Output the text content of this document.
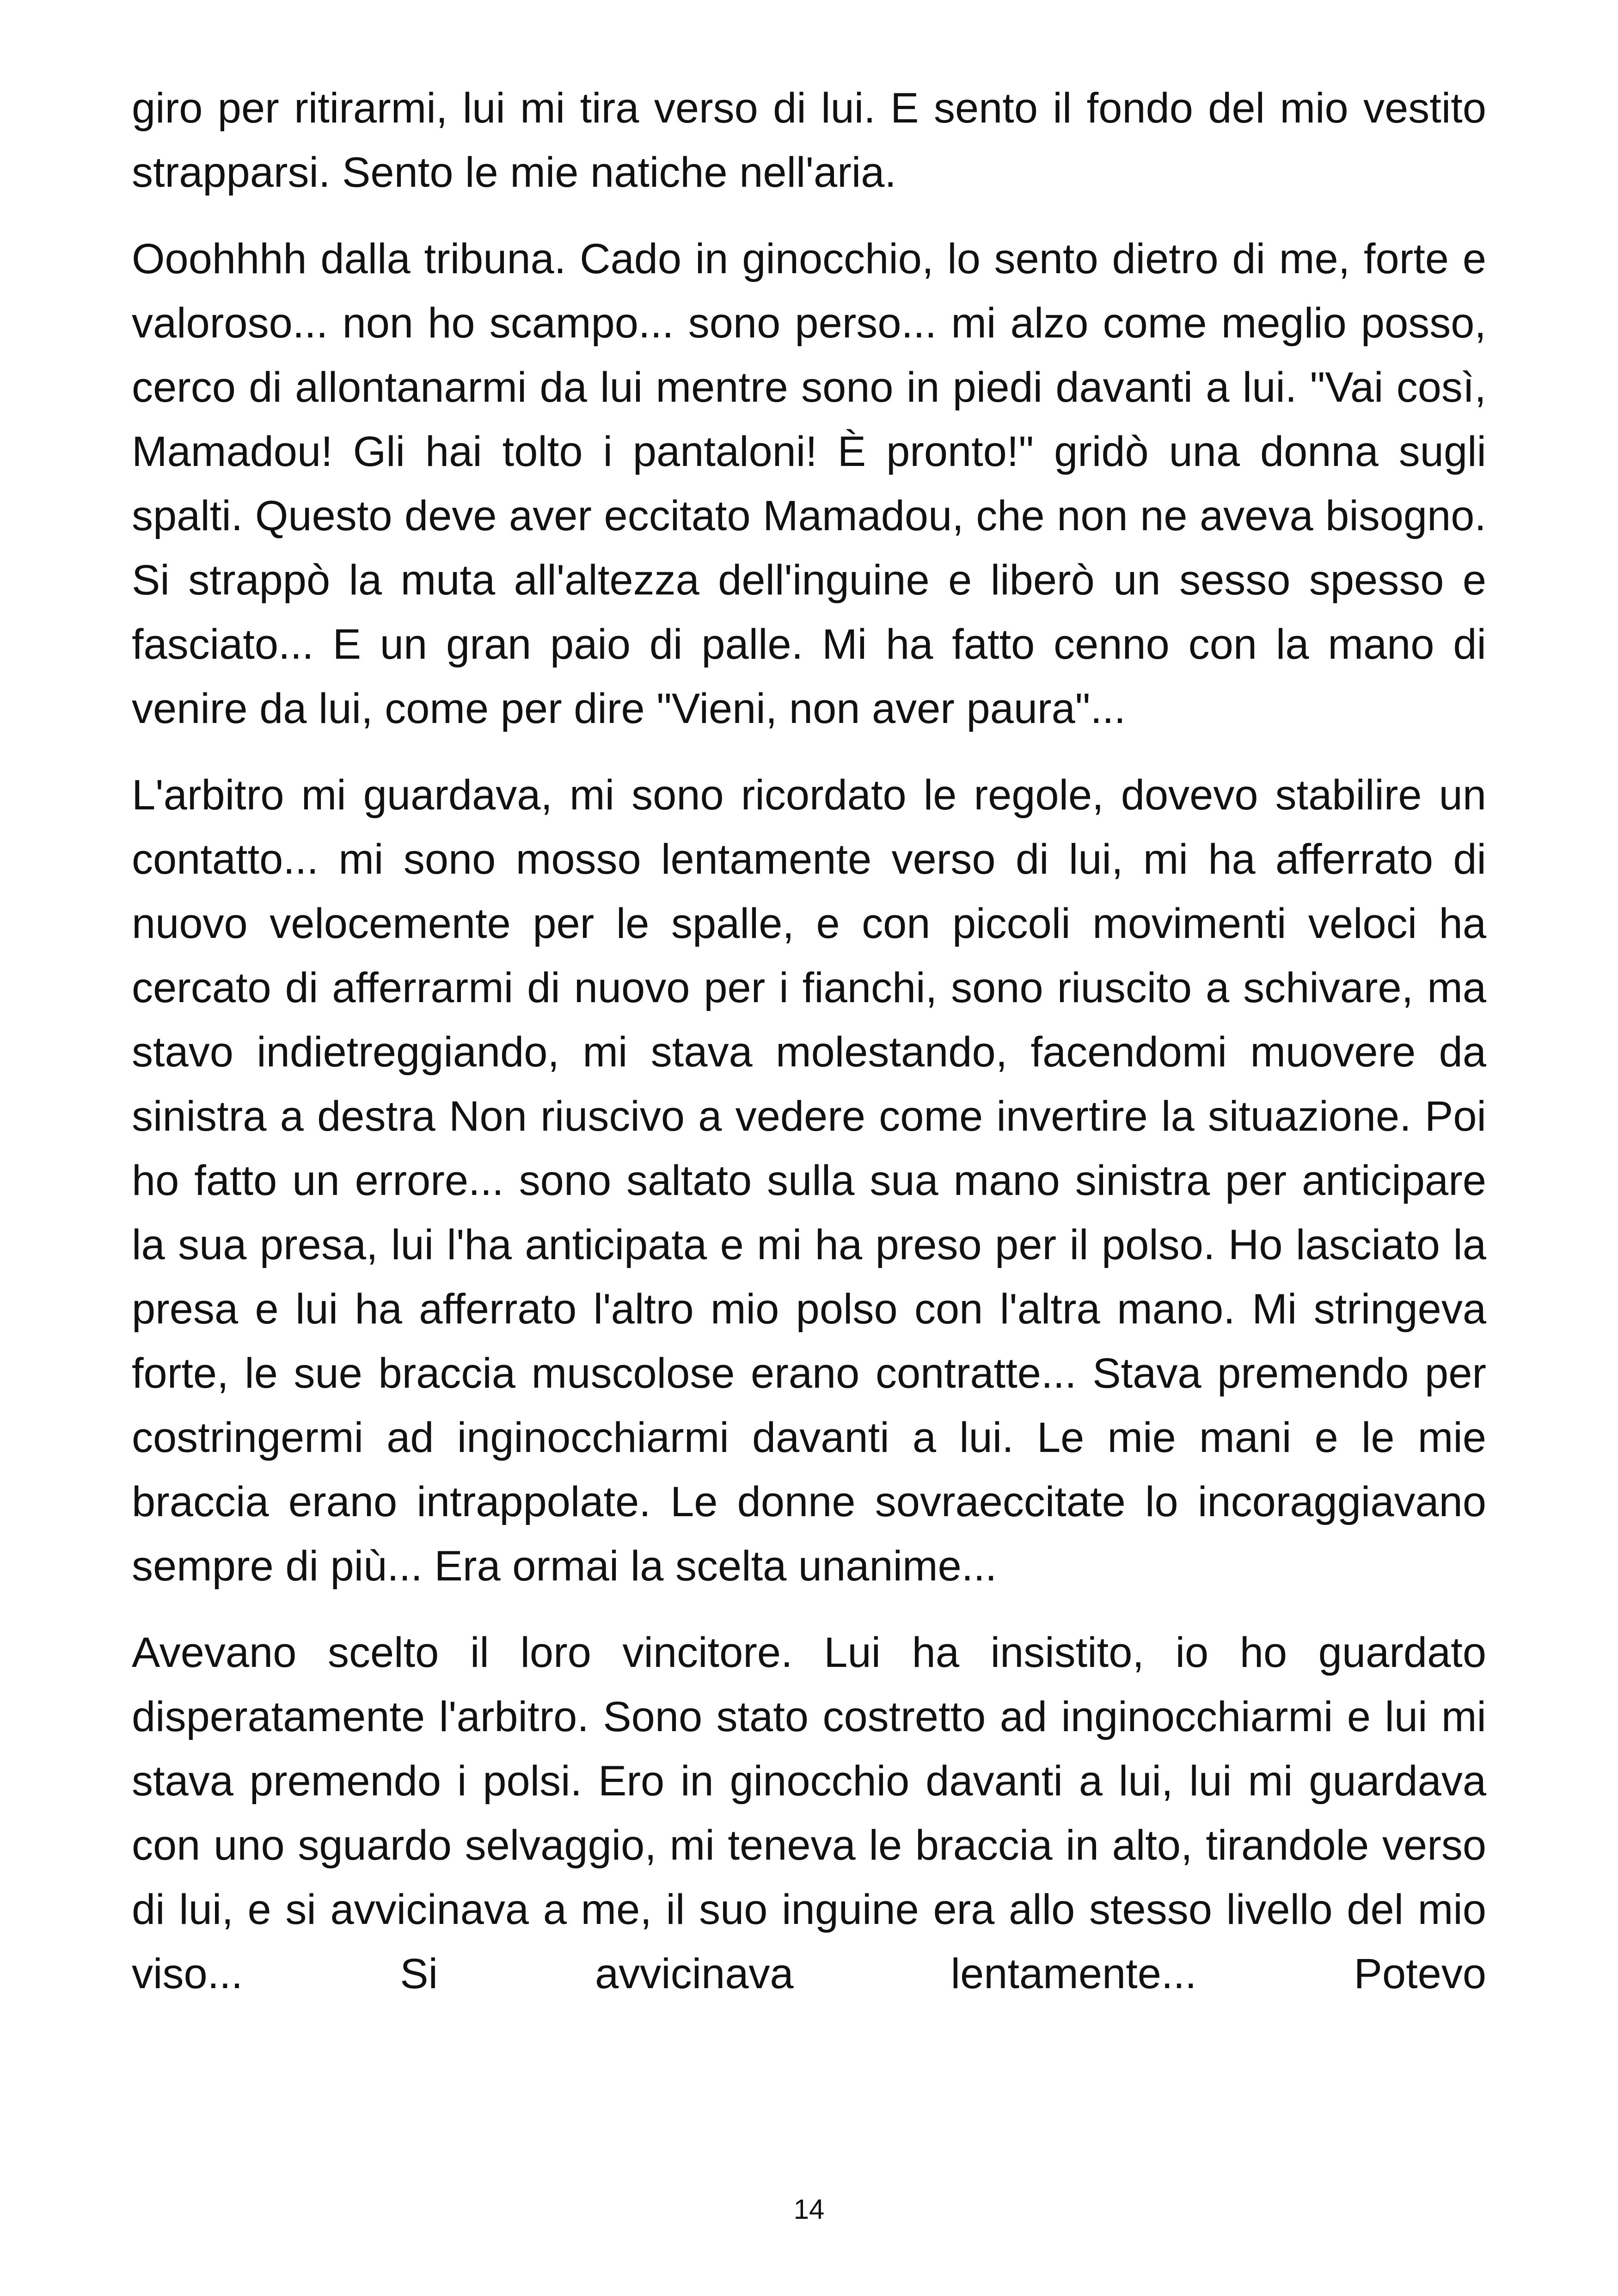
giro per ritirarmi, lui mi tira verso di lui. E sento il fondo del mio vestito strapparsi. Sento le mie natiche nell'aria.

Ooohhhh dalla tribuna. Cado in ginocchio, lo sento dietro di me, forte e valoroso... non ho scampo... sono perso... mi alzo come meglio posso, cerco di allontanarmi da lui mentre sono in piedi davanti a lui. "Vai così, Mamadou! Gli hai tolto i pantaloni! È pronto!" gridò una donna sugli spalti. Questo deve aver eccitato Mamadou, che non ne aveva bisogno. Si strappò la muta all'altezza dell'inguine e liberò un sesso spesso e fasciato... E un gran paio di palle. Mi ha fatto cenno con la mano di venire da lui, come per dire "Vieni, non aver paura"...

L'arbitro mi guardava, mi sono ricordato le regole, dovevo stabilire un contatto... mi sono mosso lentamente verso di lui, mi ha afferrato di nuovo velocemente per le spalle, e con piccoli movimenti veloci ha cercato di afferrarmi di nuovo per i fianchi, sono riuscito a schivare, ma stavo indietreggiando, mi stava molestando, facendomi muovere da sinistra a destra Non riuscivo a vedere come invertire la situazione. Poi ho fatto un errore... sono saltato sulla sua mano sinistra per anticipare la sua presa, lui l'ha anticipata e mi ha preso per il polso. Ho lasciato la presa e lui ha afferrato l'altro mio polso con l'altra mano. Mi stringeva forte, le sue braccia muscolose erano contratte... Stava premendo per costringermi ad inginocchiarmi davanti a lui. Le mie mani e le mie braccia erano intrappolate. Le donne sovraeccitate lo incoraggiavano sempre di più... Era ormai la scelta unanime...

Avevano scelto il loro vincitore. Lui ha insistito, io ho guardato disperatamente l'arbitro. Sono stato costretto ad inginocchiarmi e lui mi stava premendo i polsi. Ero in ginocchio davanti a lui, lui mi guardava con uno sguardo selvaggio, mi teneva le braccia in alto, tirandole verso di lui, e si avvicinava a me, il suo inguine era allo stesso livello del mio viso... Si avvicinava lentamente... Potevo

14
